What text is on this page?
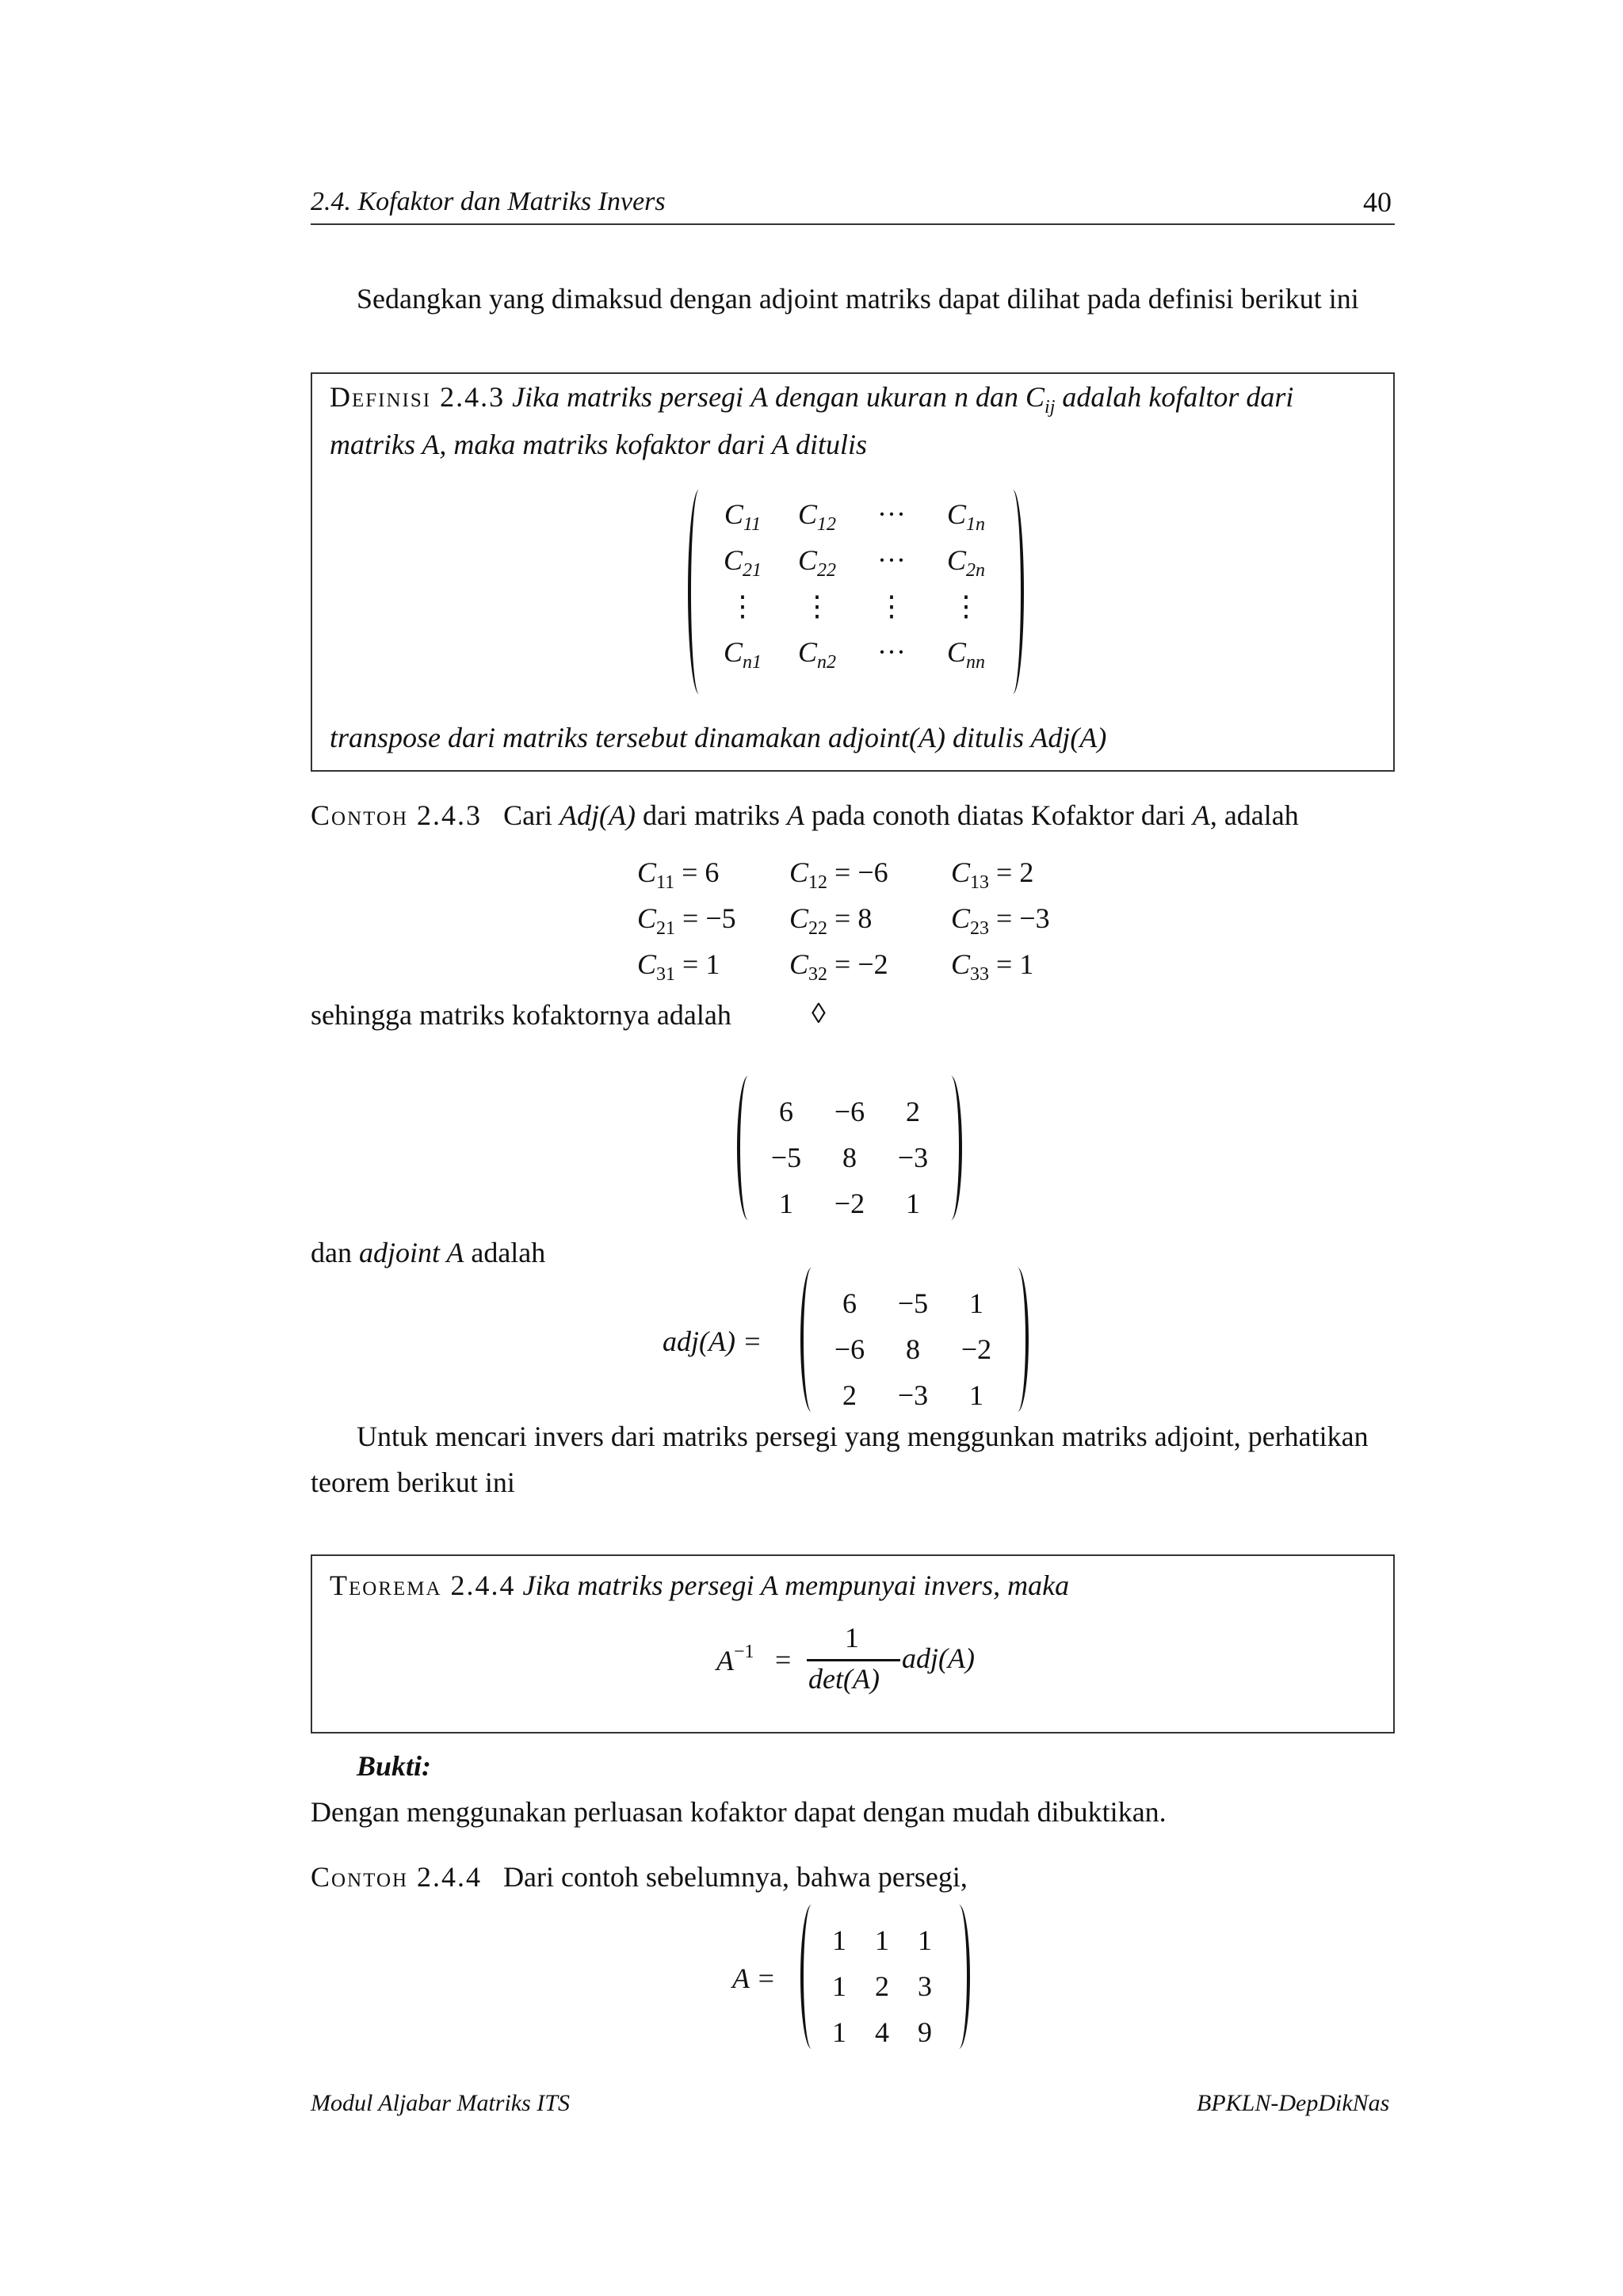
2.4. Kofaktor dan Matriks Invers	40
Sedangkan yang dimaksud dengan adjoint matriks dapat dilihat pada definisi berikut ini
Definisi 2.4.3 Jika matriks persegi A dengan ukuran n dan $C_{ij}$ adalah kofaltor dari
matriks A, maka matriks kofaktor dari A ditulis
$C_{11}$	$C_{12}$	···	$C_{1n}$
$C_{21}$	$C_{22}$	···	$C_{2n}$
⋮	⋮	⋮	⋮
$C_{n1}$	$C_{n2}$	···	$C_{nn}$
transpose dari matriks tersebut dinamakan adjoint(A) ditulis Adj(A)
Contoh 2.4.3 Cari Adj(A) dari matriks A pada conoth diatas Kofaktor dari A, adalah
$C_{11} = 6$ $C_{12} = -6$ $C_{13} = 2$
$C_{21} = -5$ $C_{22} = 8$	$C_{23} = -3$
$C_{31} = 1$ $C_{32} = -2$ $C_{33} = 1$
sehingga matriks kofaktornya adalah	◊
6	−6	2
−5	8	−3
1	−2	1
dan adjoint A adalah
adj(A) =
6	−5	1
−6	8	−2
2	−3	1
Untuk mencari invers dari matriks persegi yang menggunkan matriks adjoint, perhatikan
teorem berikut ini
Teorema 2.4.4 Jika matriks persegi A mempunyai invers, maka
$A^{-1}$ =
1
det(A)
adj(A)
Bukti:
Dengan menggunakan perluasan kofaktor dapat dengan mudah dibuktikan.
Contoh 2.4.4 Dari contoh sebelumnya, bahwa persegi,
A =
1	1	1
1	2	3
1	4	9
Modul Aljabar Matriks ITS	BPKLN-DepDikNas
